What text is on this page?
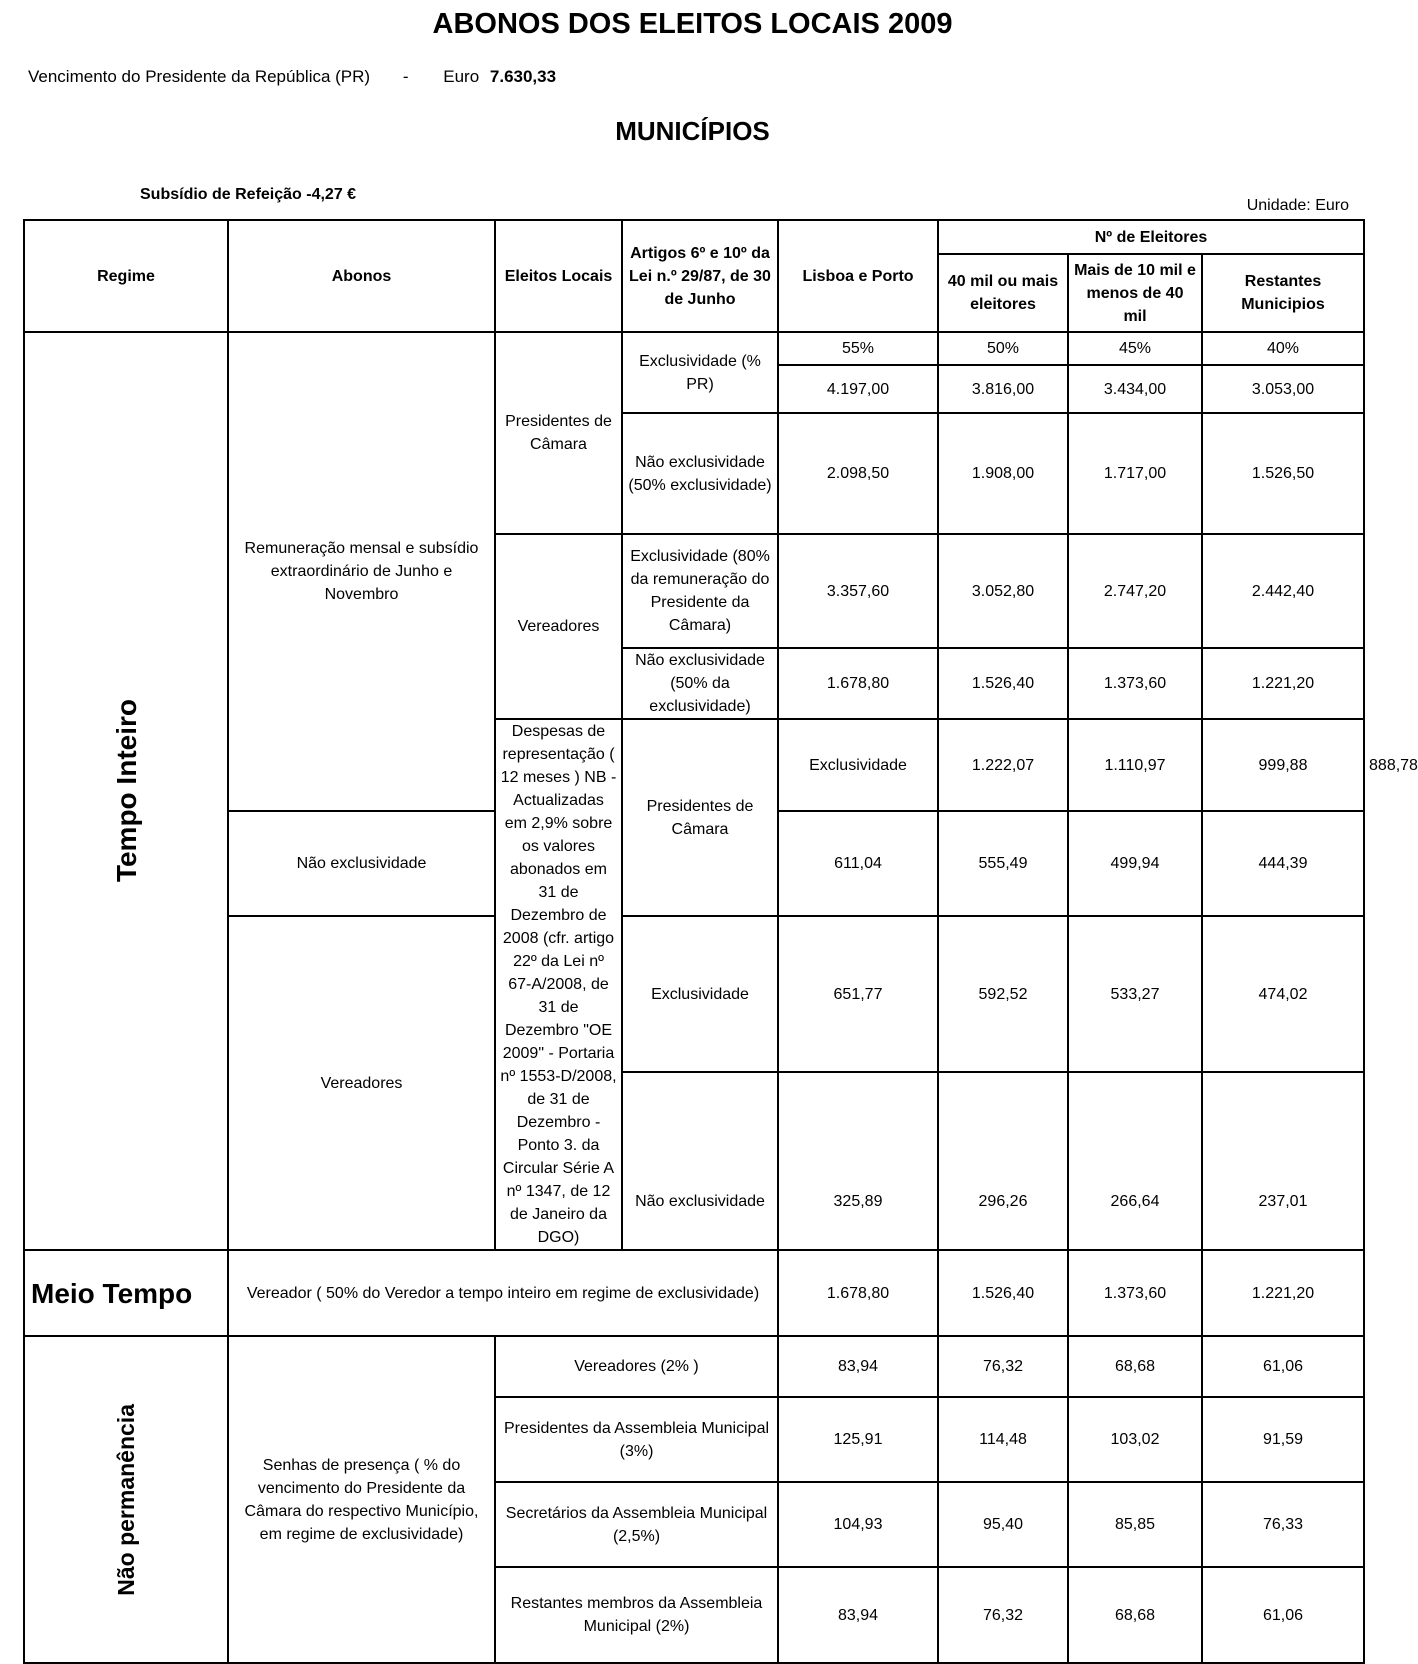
ABONOS DOS ELEITOS LOCAIS 2009
Vencimento do Presidente da República (PR) - Euro 7.630,33
MUNICÍPIOS
Subsídio de Refeição -4,27 €
Unidade: Euro
Regime	Abonos	Eleitos Locais	Artigos 6º e 10º da Lei n.º 29/87, de 30 de Junho	Lisboa e Porto	Nº de Eleitores			
					40 mil ou mais eleitores	Mais de 10 mil e menos de 40 mil	Restantes Municipios	

Tempo Inteiro	Remuneração mensal e subsídio extraordinário de Junho e Novembro	Presidentes de Câmara	Exclusividade (% PR)	55%	50%	45%	40%	
				4.197,00	3.816,00	3.434,00	3.053,00	
			Não exclusividade (50% exclusividade)	2.098,50	1.908,00	1.717,00	1.526,50	
		Vereadores	Exclusividade (80% da remuneração do Presidente da Câmara)	3.357,60	3.052,80	2.747,20	2.442,40	
			Não exclusividade (50% da exclusividade)	1.678,80	1.526,40	1.373,60	1.221,20	
		Despesas de representação ( 12 meses ) NB - Actualizadas em 2,9% sobre os valores abonados em 31 de Dezembro de 2008 (cfr. artigo 22º da Lei nº 67-A/2008, de 31 de Dezembro "OE 2009" - Portaria nº 1553-D/2008, de 31 de Dezembro - Ponto 3. da Circular Série A nº 1347, de 12 de Janeiro da DGO)	Presidentes de Câmara	Exclusividade	1.222,07	1.110,97	999,88	888,78
	Não exclusividade			611,04	555,49	499,94	444,39	
	Vereadores		Exclusividade	651,77	592,52	533,27	474,02	
			Não exclusividade	325,89	296,26	266,64	237,01	

Meio Tempo	Vereador ( 50% do Veredor a tempo inteiro em regime de exclusividade)			1.678,80	1.526,40	1.373,60	1.221,20	

Não permanência	Senhas de presença ( % do vencimento do Presidente da Câmara do respectivo Município, em regime de exclusividade)	Vereadores (2% )		83,94	76,32	68,68	61,06	
		Presidentes da Assembleia Municipal (3%)		125,91	114,48	103,02	91,59	
		Secretários da Assembleia Municipal (2,5%)		104,93	95,40	85,85	76,33	
		Restantes membros da Assembleia Municipal (2%)		83,94	76,32	68,68	61,06	
